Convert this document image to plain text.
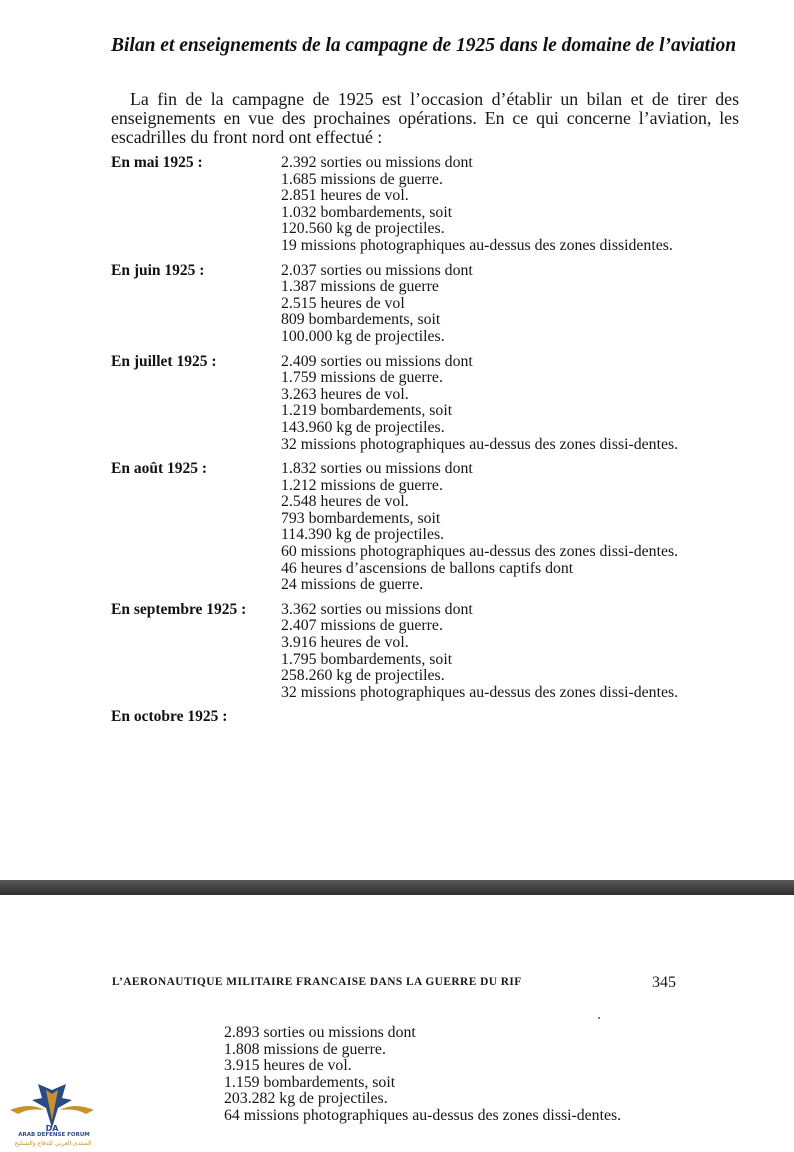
Bilan et enseignements de la campagne de 1925 dans le domaine de l’aviation

La fin de la campagne de 1925 est l’occasion d’établir un bilan et de tirer des enseignements en vue des prochaines opérations. En ce qui concerne l’aviation, les escadrilles du front nord ont effectué :

En mai 1925 :	2.392 sorties ou missions dont
1.685 missions de guerre.
2.851 heures de vol.
1.032 bombardements, soit
120.560 kg de projectiles.
19 missions photographiques au-dessus des zones dissidentes.
En juin 1925 :	2.037 sorties ou missions dont
1.387 missions de guerre
2.515 heures de vol
809 bombardements, soit
100.000 kg de projectiles.
En juillet 1925 :	2.409 sorties ou missions dont
1.759 missions de guerre.
3.263 heures de vol.
1.219 bombardements, soit
143.960 kg de projectiles.
32 missions photographiques au-dessus des zones dissi-dentes.
En août 1925 :	1.832 sorties ou missions dont
1.212 missions de guerre.
2.548 heures de vol.
793 bombardements, soit
114.390 kg de projectiles.
60 missions photographiques au-dessus des zones dissi-dentes.
46 heures d’ascensions de ballons captifs dont
24 missions de guerre.
En septembre 1925 : 3.362 sorties ou missions dont
2.407 missions de guerre.
3.916 heures de vol.
1.795 bombardements, soit
258.260 kg de projectiles.
32 missions photographiques au-dessus des zones dissi-dentes.
En octobre 1925 :
L’AERONAUTIQUE MILITAIRE FRANCAISE DANS LA GUERRE DU RIF	345
2.893 sorties ou missions dont
1.808 missions de guerre.
3.915 heures de vol.
1.159 bombardements, soit
203.282 kg de projectiles.
64 missions photographiques au-dessus des zones dissi-dentes.
DA
ARAB DEFENSE FORUM
المنتدى العربي للدفاع والتسليح
